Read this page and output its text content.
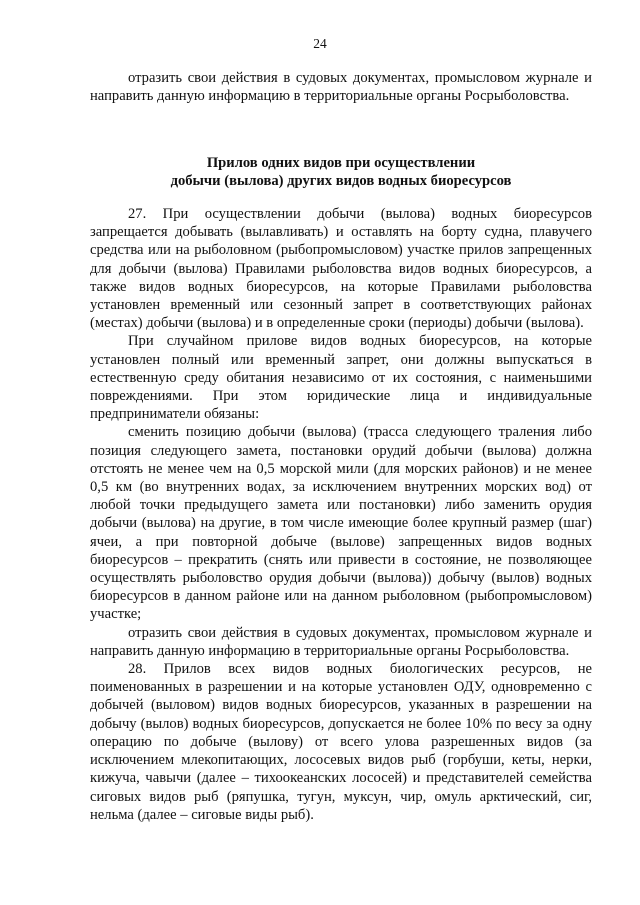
24

отразить свои действия в судовых документах, промысловом журнале и направить данную информацию в территориальные органы Росрыболовства.

Прилов одних видов при осуществлении
добычи (вылова) других видов водных биоресурсов

27. При осуществлении добычи (вылова) водных биоресурсов запрещается добывать (вылавливать) и оставлять на борту судна, плавучего средства или на рыболовном (рыбопромысловом) участке прилов запрещенных для добычи (вылова) Правилами рыболовства видов водных биоресурсов, а также видов водных биоресурсов, на которые Правилами рыболовства установлен временный или сезонный запрет в соответствующих районах (местах) добычи (вылова) и в определенные сроки (периоды) добычи (вылова).

При случайном прилове видов водных биоресурсов, на которые установлен полный или временный запрет, они должны выпускаться в естественную среду обитания независимо от их состояния, с наименьшими повреждениями. При этом юридические лица и индивидуальные предприниматели обязаны:

сменить позицию добычи (вылова) (трасса следующего траления либо позиция следующего замета, постановки орудий добычи (вылова) должна отстоять не менее чем на 0,5 морской мили (для морских районов) и не менее 0,5 км (во внутренних водах, за исключением внутренних морских вод) от любой точки предыдущего замета или постановки) либо заменить орудия добычи (вылова) на другие, в том числе имеющие более крупный размер (шаг) ячеи, а при повторной добыче (вылове) запрещенных видов водных биоресурсов – прекратить (снять или привести в состояние, не позволяющее осуществлять рыболовство орудия добычи (вылова)) добычу (вылов) водных биоресурсов в данном районе или на данном рыболовном (рыбопромысловом) участке;

отразить свои действия в судовых документах, промысловом журнале и направить данную информацию в территориальные органы Росрыболовства.

28. Прилов всех видов водных биологических ресурсов, не поименованных в разрешении и на которые установлен ОДУ, одновременно с добычей (выловом) видов водных биоресурсов, указанных в разрешении на добычу (вылов) водных биоресурсов, допускается не более 10% по весу за одну операцию по добыче (вылову) от всего улова разрешенных видов (за исключением млекопитающих, лососевых видов рыб (горбуши, кеты, нерки, кижуча, чавычи (далее – тихоокеанских лососей) и представителей семейства сиговых видов рыб (ряпушка, тугун, муксун, чир, омуль арктический, сиг, нельма (далее – сиговые виды рыб).
